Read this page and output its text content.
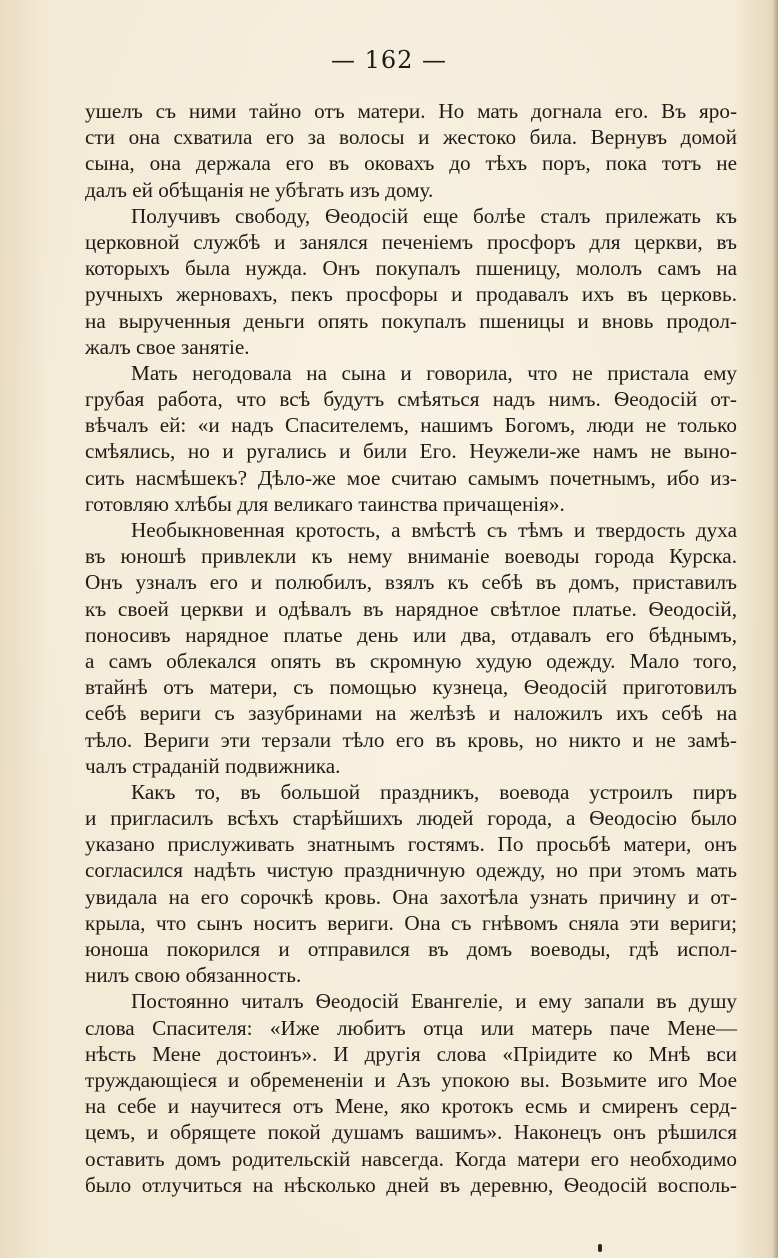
— 162 —
ушелъ съ ними тайно отъ матери. Но мать догнала его. Въ яро-
сти она схватила его за волосы и жестоко била. Вернувъ домой
сына, она держала его въ оковахъ до тѣхъ поръ, пока тотъ не
далъ ей обѣщанія не убѣгать изъ дому.
Получивъ свободу, Ѳеодосій еще болѣе сталъ прилежать къ
церковной службѣ и занялся печеніемъ просфоръ для церкви, въ
которыхъ была нужда. Онъ покупалъ пшеницу, мололъ самъ на
ручныхъ жерновахъ, пекъ просфоры и продавалъ ихъ въ церковь.
на вырученныя деньги опять покупалъ пшеницы и вновь продол-
жалъ свое занятіе.
Мать негодовала на сына и говорила, что не пристала ему
грубая работа, что всѣ будутъ смѣяться надъ нимъ. Ѳеодосій от-
вѣчалъ ей: «и надъ Спасителемъ, нашимъ Богомъ, люди не только
смѣялись, но и ругались и били Его. Неужели-же намъ не выно-
сить насмѣшекъ? Дѣло-же мое считаю самымъ почетнымъ, ибо из-
готовляю хлѣбы для великаго таинства причащенія».
Необыкновенная кротость, а вмѣстѣ съ тѣмъ и твердость духа
въ юношѣ привлекли къ нему вниманіе воеводы города Курска.
Онъ узналъ его и полюбилъ, взялъ къ себѣ въ домъ, приставилъ
къ своей церкви и одѣвалъ въ нарядное свѣтлое платье. Ѳеодосій,
поносивъ нарядное платье день или два, отдавалъ его бѣднымъ,
а самъ облекался опять въ скромную худую одежду. Мало того,
втайнѣ отъ матери, съ помощью кузнеца, Ѳеодосій приготовилъ
себѣ вериги съ зазубринами на желѣзѣ и наложилъ ихъ себѣ на
тѣло. Вериги эти терзали тѣло его въ кровь, но никто и не замѣ-
чалъ страданій подвижника.
Какъ то, въ большой праздникъ, воевода устроилъ пиръ
и пригласилъ всѣхъ старѣйшихъ людей города, а Ѳеодосію было
указано прислуживать знатнымъ гостямъ. По просьбѣ матери, онъ
согласился надѣть чистую праздничную одежду, но при этомъ мать
увидала на его сорочкѣ кровь. Она захотѣла узнать причину и от-
крыла, что сынъ носитъ вериги. Она съ гнѣвомъ сняла эти вериги;
юноша покорился и отправился въ домъ воеводы, гдѣ испол-
нилъ свою обязанность.
Постоянно читалъ Ѳеодосій Евангеліе, и ему запали въ душу
слова Спасителя: «Иже любитъ отца или матерь паче Мене—
нѣсть Мене достоинъ». И другія слова «Пріидите ко Мнѣ вси
труждающіеся и обремененіи и Азъ упокою вы. Возьмите иго Мое
на себе и научитеся отъ Мене, яко кротокъ есмь и смиренъ серд-
цемъ, и обрящете покой душамъ вашимъ». Наконецъ онъ рѣшился
оставить домъ родительскій навсегда. Когда матери его необходимо
было отлучиться на нѣсколько дней въ деревню, Ѳеодосій восполь-
